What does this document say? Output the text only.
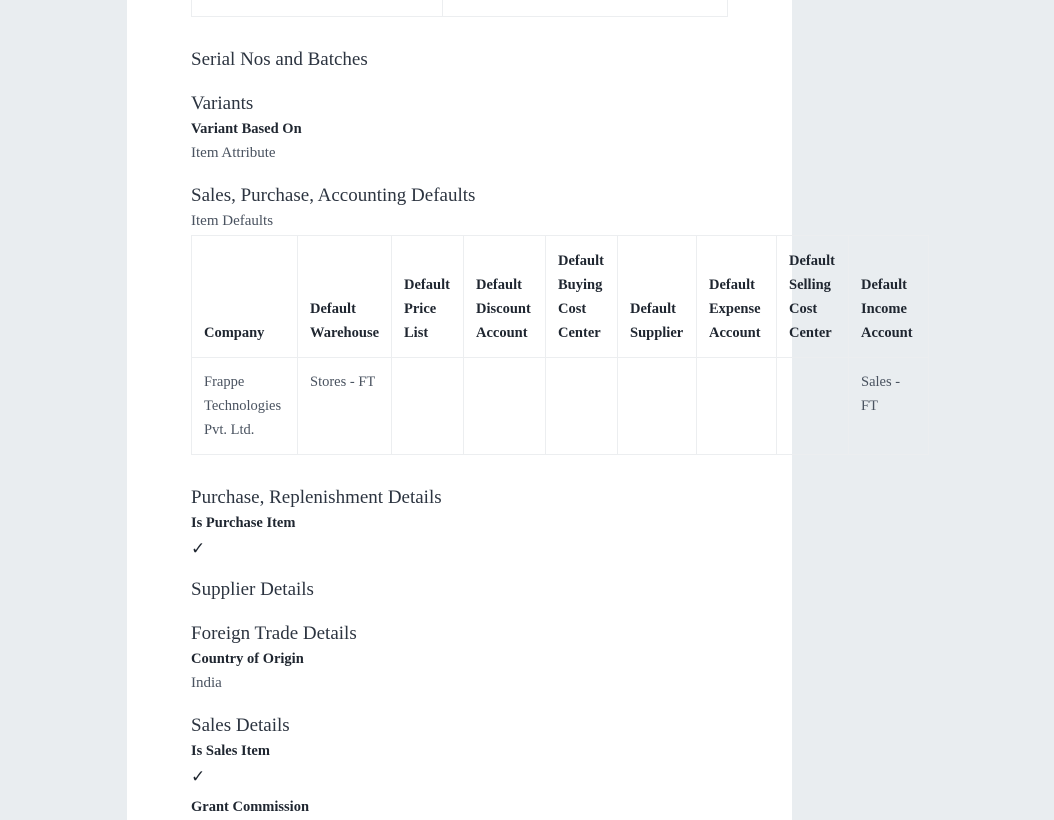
Serial Nos and Batches
Variants
Variant Based On
Item Attribute
Sales, Purchase, Accounting Defaults
Item Defaults
Company	Default Warehouse	Default Price List	Default Discount Account	Default Buying Cost Center	Default Supplier	Default Expense Account	Default Selling Cost Center	Default Income Account
Frappe Technologies Pvt. Ltd.	Stores - FT							Sales - FT
Purchase, Replenishment Details
Is Purchase Item
✓
Supplier Details
Foreign Trade Details
Country of Origin
India
Sales Details
Is Sales Item
✓
Grant Commission
